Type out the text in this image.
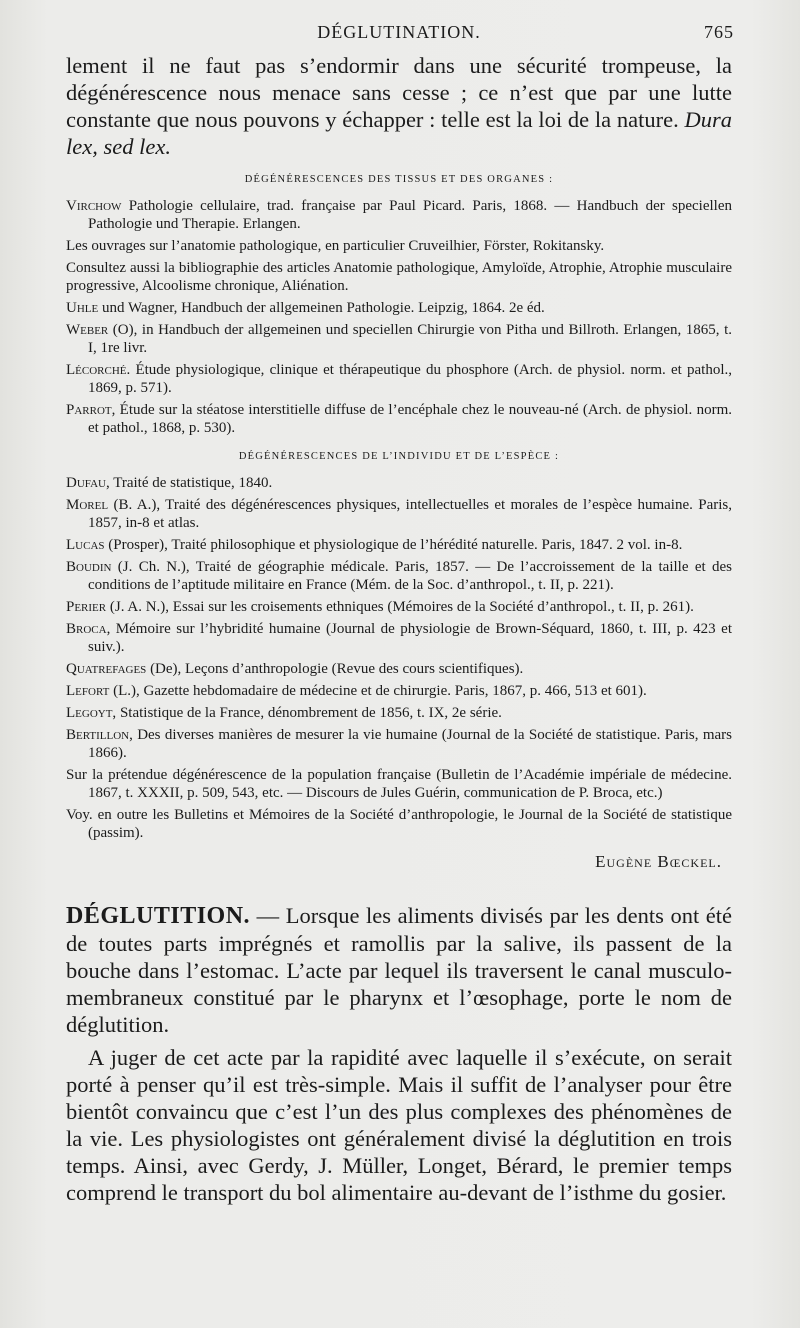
DÉGLUTINATION.	765

lement il ne faut pas s’endormir dans une sécurité trompeuse, la dégénérescence nous menace sans cesse ; ce n’est que par une lutte constante que nous pouvons y échapper : telle est la loi de la nature. Dura lex, sed lex.

DÉGÉNÉRESCENCES DES TISSUS ET DES ORGANES :

Virchow Pathologie cellulaire, trad. française par Paul Picard. Paris, 1868. — Handbuch der speciellen Pathologie und Therapie. Erlangen.

Les ouvrages sur l’anatomie pathologique, en particulier Cruveilhier, Förster, Rokitansky.

Consultez aussi la bibliographie des articles Anatomie pathologique, Amyloïde, Atrophie, Atrophie musculaire progressive, Alcoolisme chronique, Aliénation.

Uhle und Wagner, Handbuch der allgemeinen Pathologie. Leipzig, 1864. 2e éd.

Weber (O), in Handbuch der allgemeinen und speciellen Chirurgie von Pitha und Billroth. Erlangen, 1865, t. I, 1re livr.

Lécorché. Étude physiologique, clinique et thérapeutique du phosphore (Arch. de physiol. norm. et pathol., 1869, p. 571).

Parrot, Étude sur la stéatose interstitielle diffuse de l’encéphale chez le nouveau-né (Arch. de physiol. norm. et pathol., 1868, p. 530).

DÉGÉNÉRESCENCES DE L’INDIVIDU ET DE L’ESPÈCE :

Dufau, Traité de statistique, 1840.

Morel (B. A.), Traité des dégénérescences physiques, intellectuelles et morales de l’espèce humaine. Paris, 1857, in-8 et atlas.

Lucas (Prosper), Traité philosophique et physiologique de l’hérédité naturelle. Paris, 1847. 2 vol. in-8.

Boudin (J. Ch. N.), Traité de géographie médicale. Paris, 1857. — De l’accroissement de la taille et des conditions de l’aptitude militaire en France (Mém. de la Soc. d’anthropol., t. II, p. 221).

Perier (J. A. N.), Essai sur les croisements ethniques (Mémoires de la Société d’anthropol., t. II, p. 261).

Broca, Mémoire sur l’hybridité humaine (Journal de physiologie de Brown-Séquard, 1860, t. III, p. 423 et suiv.).

Quatrefages (De), Leçons d’anthropologie (Revue des cours scientifiques).

Lefort (L.), Gazette hebdomadaire de médecine et de chirurgie. Paris, 1867, p. 466, 513 et 601).

Legoyt, Statistique de la France, dénombrement de 1856, t. IX, 2e série.

Bertillon, Des diverses manières de mesurer la vie humaine (Journal de la Société de statistique. Paris, mars 1866).

Sur la prétendue dégénérescence de la population française (Bulletin de l’Académie impériale de médecine. 1867, t. XXXII, p. 509, 543, etc. — Discours de Jules Guérin, communication de P. Broca, etc.)

Voy. en outre les Bulletins et Mémoires de la Société d’anthropologie, le Journal de la Société de statistique (passim).

Eugène Bœckel.

DÉGLUTITION. — Lorsque les aliments divisés par les dents ont été de toutes parts imprégnés et ramollis par la salive, ils passent de la bouche dans l’estomac. L’acte par lequel ils traversent le canal musculo-membraneux constitué par le pharynx et l’œsophage, porte le nom de déglutition.

A juger de cet acte par la rapidité avec laquelle il s’exécute, on serait porté à penser qu’il est très-simple. Mais il suffit de l’analyser pour être bientôt convaincu que c’est l’un des plus complexes des phénomènes de la vie. Les physiologistes ont généralement divisé la déglutition en trois temps. Ainsi, avec Gerdy, J. Müller, Longet, Bérard, le premier temps comprend le transport du bol alimentaire au-devant de l’isthme du gosier.
